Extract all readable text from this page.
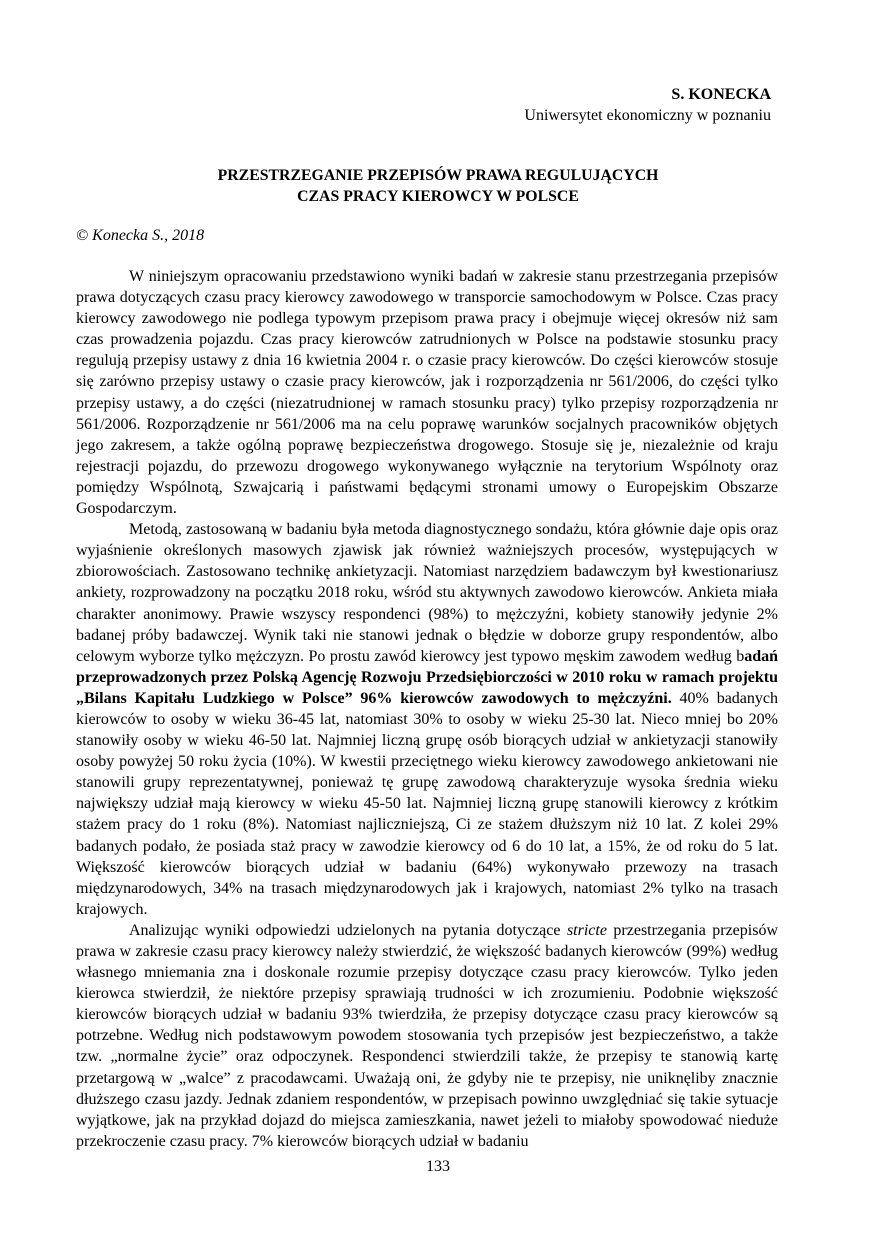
S. KONECKA
Uniwersytet ekonomiczny w poznaniu
PRZESTRZEGANIE PRZEPISÓW PRAWA REGULUJĄCYCH
CZAS PRACY KIEROWCY W POLSCE
© Konecka S., 2018

W niniejszym opracowaniu przedstawiono wyniki badań w zakresie stanu przestrzegania przepisów prawa dotyczących czasu pracy kierowcy zawodowego w transporcie samochodowym w Polsce. Czas pracy kierowcy zawodowego nie podlega typowym przepisom prawa pracy i obejmuje więcej okresów niż sam czas prowadzenia pojazdu. Czas pracy kierowców zatrudnionych w Polsce na podstawie stosunku pracy regulują przepisy ustawy z dnia 16 kwietnia 2004 r. o czasie pracy kierowców. Do części kierowców stosuje się zarówno przepisy ustawy o czasie pracy kierowców, jak i rozporządzenia nr 561/2006, do części tylko przepisy ustawy, a do części (niezatrudnionej w ramach stosunku pracy) tylko przepisy rozporządzenia nr 561/2006. Rozporządzenie nr 561/2006 ma na celu poprawę warunków socjalnych pracowników objętych jego zakresem, a także ogólną poprawę bezpieczeństwa drogowego. Stosuje się je, niezależnie od kraju rejestracji pojazdu, do przewozu drogowego wykonywanego wyłącznie na terytorium Wspólnoty oraz pomiędzy Wspólnotą, Szwajcarią i państwami będącymi stronami umowy o Europejskim Obszarze Gospodarczym.

Metodą, zastosowaną w badaniu była metoda diagnostycznego sondażu, która głównie daje opis oraz wyjaśnienie określonych masowych zjawisk jak również ważniejszych procesów, występujących w zbiorowościach. Zastosowano technikę ankietyzacji. Natomiast narzędziem badawczym był kwestionariusz ankiety, rozprowadzony na początku 2018 roku, wśród stu aktywnych zawodowo kierowców. Ankieta miała charakter anonimowy. Prawie wszyscy respondenci (98%) to mężczyźni, kobiety stanowiły jedynie 2% badanej próby badawczej. Wynik taki nie stanowi jednak o błędzie w doborze grupy respondentów, albo celowym wyborze tylko mężczyzn. Po prostu zawód kierowcy jest typowo męskim zawodem według badań przeprowadzonych przez Polską Agencję Rozwoju Przedsiębiorczości w 2010 roku w ramach projektu „Bilans Kapitału Ludzkiego w Polsce” 96% kierowców zawodowych to mężczyźni. 40% badanych kierowców to osoby w wieku 36-45 lat, natomiast 30% to osoby w wieku 25-30 lat. Nieco mniej bo 20% stanowiły osoby w wieku 46-50 lat. Najmniej liczną grupę osób biorących udział w ankietyzacji stanowiły osoby powyżej 50 roku życia (10%). W kwestii przeciętnego wieku kierowcy zawodowego ankietowani nie stanowili grupy reprezentatywnej, ponieważ tę grupę zawodową charakteryzuje wysoka średnia wieku największy udział mają kierowcy w wieku 45-50 lat. Najmniej liczną grupę stanowili kierowcy z krótkim stażem pracy do 1 roku (8%). Natomiast najliczniejszą, Ci ze stażem dłuższym niż 10 lat. Z kolei 29% badanych podało, że posiada staż pracy w zawodzie kierowcy od 6 do 10 lat, a 15%, że od roku do 5 lat. Większość kierowców biorących udział w badaniu (64%) wykonywało przewozy na trasach międzynarodowych, 34% na trasach międzynarodowych jak i krajowych, natomiast 2% tylko na trasach krajowych.

Analizując wyniki odpowiedzi udzielonych na pytania dotyczące stricte przestrzegania przepisów prawa w zakresie czasu pracy kierowcy należy stwierdzić, że większość badanych kierowców (99%) według własnego mniemania zna i doskonale rozumie przepisy dotyczące czasu pracy kierowców. Tylko jeden kierowca stwierdził, że niektóre przepisy sprawiają trudności w ich zrozumieniu. Podobnie większość kierowców biorących udział w badaniu 93% twierdziła, że przepisy dotyczące czasu pracy kierowców są potrzebne. Według nich podstawowym powodem stosowania tych przepisów jest bezpieczeństwo, a także tzw. „normalne życie” oraz odpoczynek. Respondenci stwierdzili także, że przepisy te stanowią kartę przetargową w „walce” z pracodawcami. Uważają oni, że gdyby nie te przepisy, nie uniknęliby znacznie dłuższego czasu jazdy. Jednak zdaniem respondentów, w przepisach powinno uwzględniać się takie sytuacje wyjątkowe, jak na przykład dojazd do miejsca zamieszkania, nawet jeżeli to miałoby spowodować nieduże przekroczenie czasu pracy. 7% kierowców biorących udział w badaniu

133
